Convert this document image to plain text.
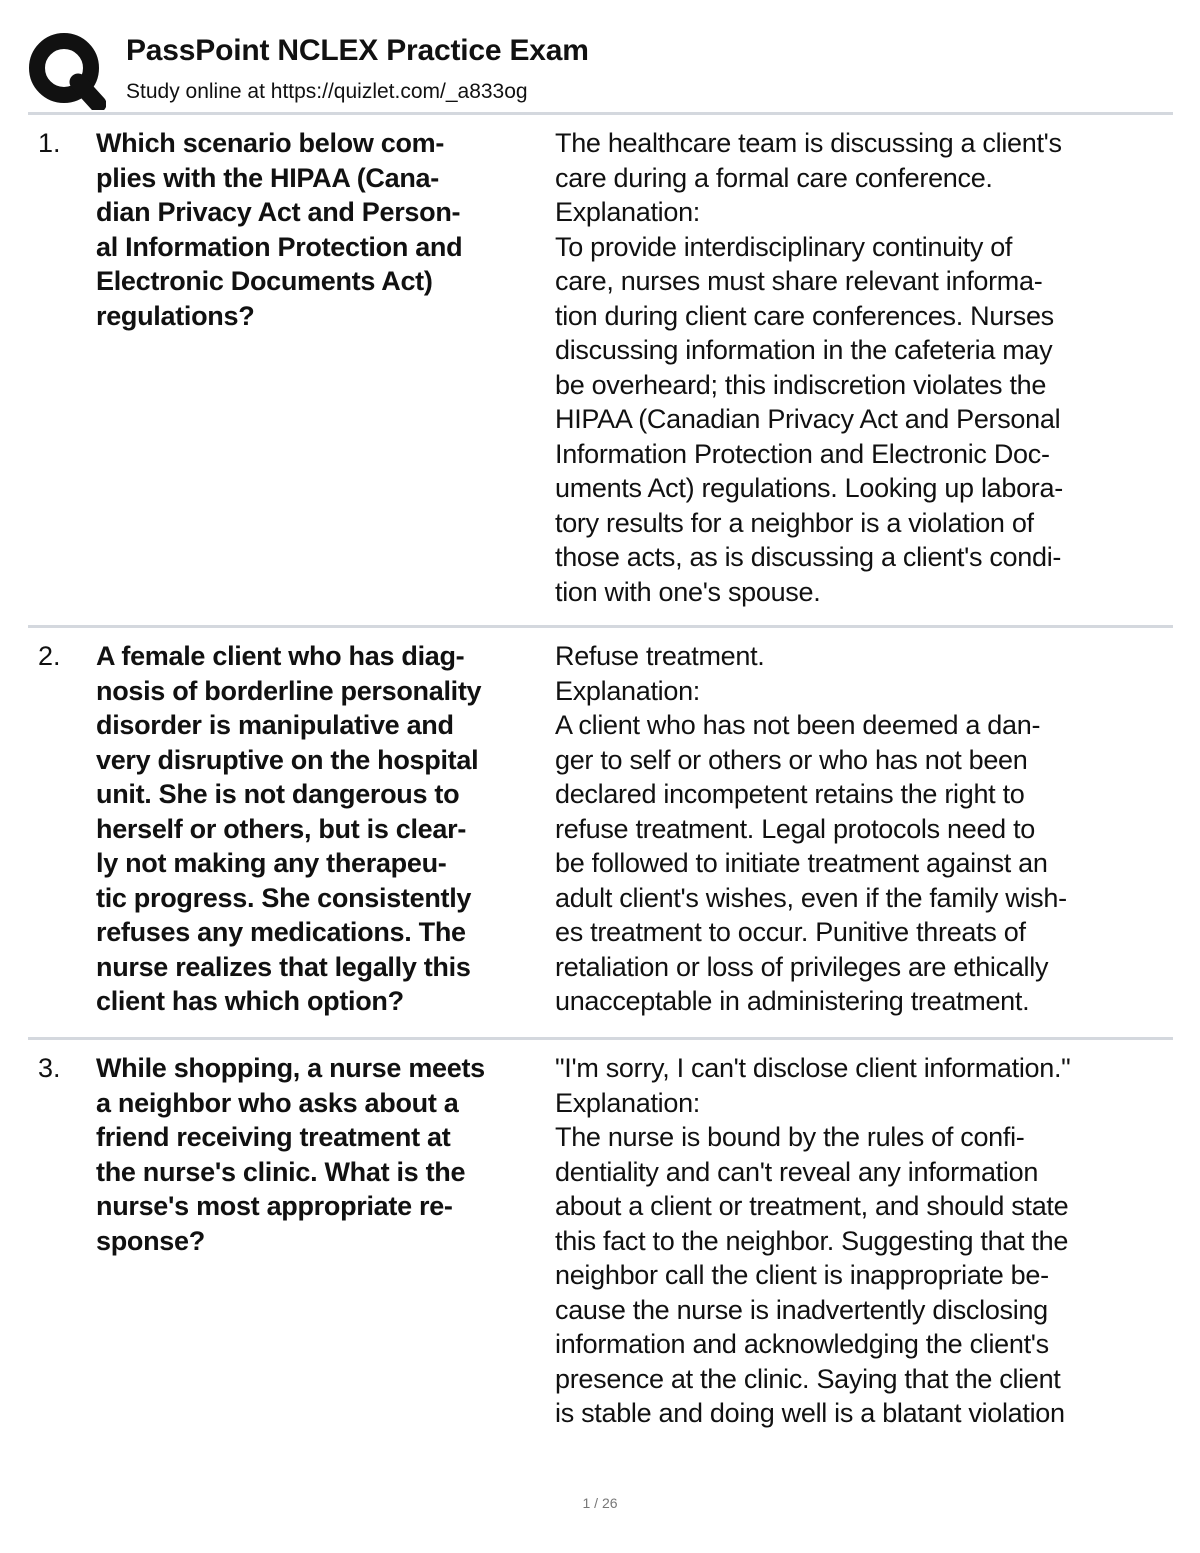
PassPoint NCLEX Practice Exam
Study online at https://quizlet.com/_a833og
1. Which scenario below com-
plies with the HIPAA (Cana-
dian Privacy Act and Person-
al Information Protection and
Electronic Documents Act)
regulations?
The healthcare team is discussing a client's
care during a formal care conference.
Explanation:
To provide interdisciplinary continuity of
care, nurses must share relevant informa-
tion during client care conferences. Nurses
discussing information in the cafeteria may
be overheard; this indiscretion violates the
HIPAA (Canadian Privacy Act and Personal
Information Protection and Electronic Doc-
uments Act) regulations. Looking up labora-
tory results for a neighbor is a violation of
those acts, as is discussing a client's condi-
tion with one's spouse.
2. A female client who has diag-
nosis of borderline personality
disorder is manipulative and
very disruptive on the hospital
unit. She is not dangerous to
herself or others, but is clear-
ly not making any therapeu-
tic progress. She consistently
refuses any medications. The
nurse realizes that legally this
client has which option?
Refuse treatment.
Explanation:
A client who has not been deemed a dan-
ger to self or others or who has not been
declared incompetent retains the right to
refuse treatment. Legal protocols need to
be followed to initiate treatment against an
adult client's wishes, even if the family wish-
es treatment to occur. Punitive threats of
retaliation or loss of privileges are ethically
unacceptable in administering treatment.
3. While shopping, a nurse meets
a neighbor who asks about a
friend receiving treatment at
the nurse's clinic. What is the
nurse's most appropriate re-
sponse?
"I'm sorry, I can't disclose client information."
Explanation:
The nurse is bound by the rules of confi-
dentiality and can't reveal any information
about a client or treatment, and should state
this fact to the neighbor. Suggesting that the
neighbor call the client is inappropriate be-
cause the nurse is inadvertently disclosing
information and acknowledging the client's
presence at the clinic. Saying that the client
is stable and doing well is a blatant violation
1 / 26
